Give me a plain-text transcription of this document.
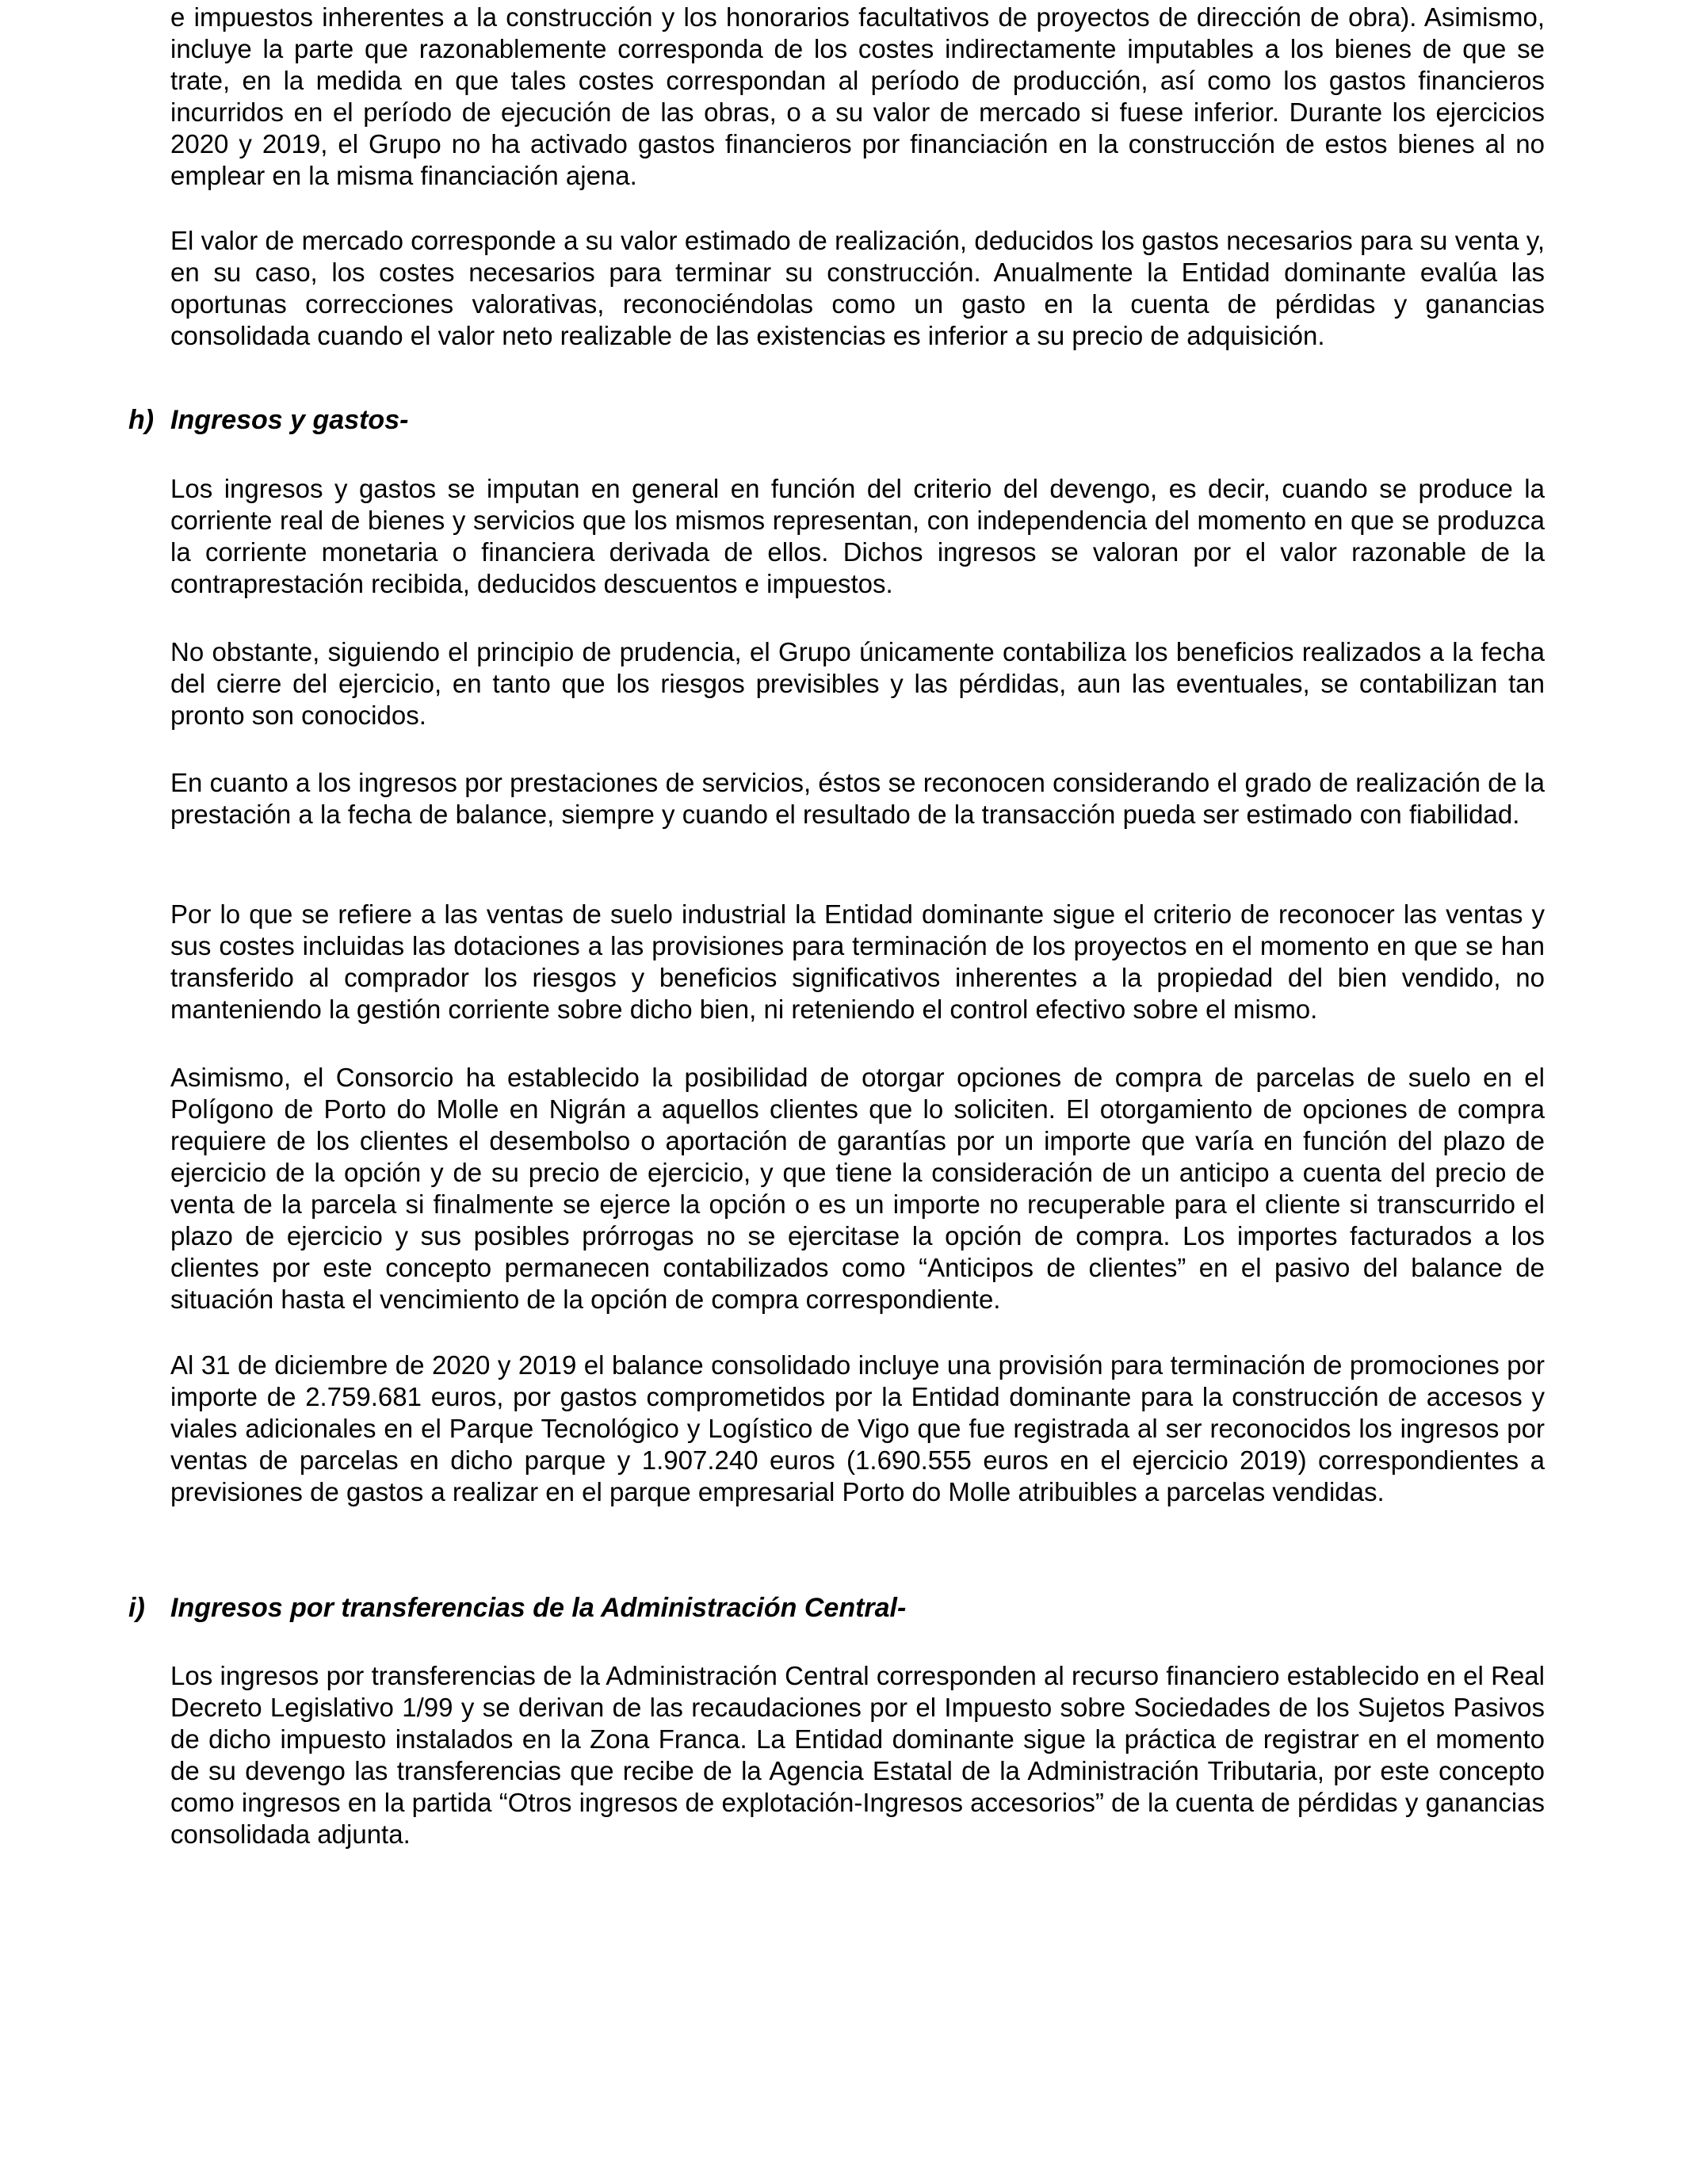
e impuestos inherentes a la construcción y los honorarios facultativos de proyectos de dirección de obra). Asimismo, incluye la parte que razonablemente corresponda de los costes indirectamente imputables a los bienes de que se trate, en la medida en que tales costes correspondan al período de producción, así como los gastos financieros incurridos en el período de ejecución de las obras, o a su valor de mercado si fuese inferior. Durante los ejercicios 2020 y 2019, el Grupo no ha activado gastos financieros por financiación en la construcción de estos bienes al no emplear en la misma financiación ajena.

El valor de mercado corresponde a su valor estimado de realización, deducidos los gastos necesarios para su venta y, en su caso, los costes necesarios para terminar su construcción. Anualmente la Entidad dominante evalúa las oportunas correcciones valorativas, reconociéndolas como un gasto en la cuenta de pérdidas y ganancias consolidada cuando el valor neto realizable de las existencias es inferior a su precio de adquisición.

h) Ingresos y gastos-

Los ingresos y gastos se imputan en general en función del criterio del devengo, es decir, cuando se produce la corriente real de bienes y servicios que los mismos representan, con independencia del momento en que se produzca la corriente monetaria o financiera derivada de ellos. Dichos ingresos se valoran por el valor razonable de la contraprestación recibida, deducidos descuentos e impuestos.

No obstante, siguiendo el principio de prudencia, el Grupo únicamente contabiliza los beneficios realizados a la fecha del cierre del ejercicio, en tanto que los riesgos previsibles y las pérdidas, aun las eventuales, se contabilizan tan pronto son conocidos.

En cuanto a los ingresos por prestaciones de servicios, éstos se reconocen considerando el grado de realización de la prestación a la fecha de balance, siempre y cuando el resultado de la transacción pueda ser estimado con fiabilidad.

Por lo que se refiere a las ventas de suelo industrial la Entidad dominante sigue el criterio de reconocer las ventas y sus costes incluidas las dotaciones a las provisiones para terminación de los proyectos en el momento en que se han transferido al comprador los riesgos y beneficios significativos inherentes a la propiedad del bien vendido, no manteniendo la gestión corriente sobre dicho bien, ni reteniendo el control efectivo sobre el mismo.

Asimismo, el Consorcio ha establecido la posibilidad de otorgar opciones de compra de parcelas de suelo en el Polígono de Porto do Molle en Nigrán a aquellos clientes que lo soliciten. El otorgamiento de opciones de compra requiere de los clientes el desembolso o aportación de garantías por un importe que varía en función del plazo de ejercicio de la opción y de su precio de ejercicio, y que tiene la consideración de un anticipo a cuenta del precio de venta de la parcela si finalmente se ejerce la opción o es un importe no recuperable para el cliente si transcurrido el plazo de ejercicio y sus posibles prórrogas no se ejercitase la opción de compra. Los importes facturados a los clientes por este concepto permanecen contabilizados como “Anticipos de clientes” en el pasivo del balance de situación hasta el vencimiento de la opción de compra correspondiente.

Al 31 de diciembre de 2020 y 2019 el balance consolidado incluye una provisión para terminación de promociones por importe de 2.759.681 euros, por gastos comprometidos por la Entidad dominante para la construcción de accesos y viales adicionales en el Parque Tecnológico y Logístico de Vigo que fue registrada al ser reconocidos los ingresos por ventas de parcelas en dicho parque y 1.907.240 euros (1.690.555 euros en el ejercicio 2019) correspondientes a previsiones de gastos a realizar en el parque empresarial Porto do Molle atribuibles a parcelas vendidas.

i) Ingresos por transferencias de la Administración Central-

Los ingresos por transferencias de la Administración Central corresponden al recurso financiero establecido en el Real Decreto Legislativo 1/99 y se derivan de las recaudaciones por el Impuesto sobre Sociedades de los Sujetos Pasivos de dicho impuesto instalados en la Zona Franca. La Entidad dominante sigue la práctica de registrar en el momento de su devengo las transferencias que recibe de la Agencia Estatal de la Administración Tributaria, por este concepto como ingresos en la partida “Otros ingresos de explotación-Ingresos accesorios” de la cuenta de pérdidas y ganancias consolidada adjunta.
